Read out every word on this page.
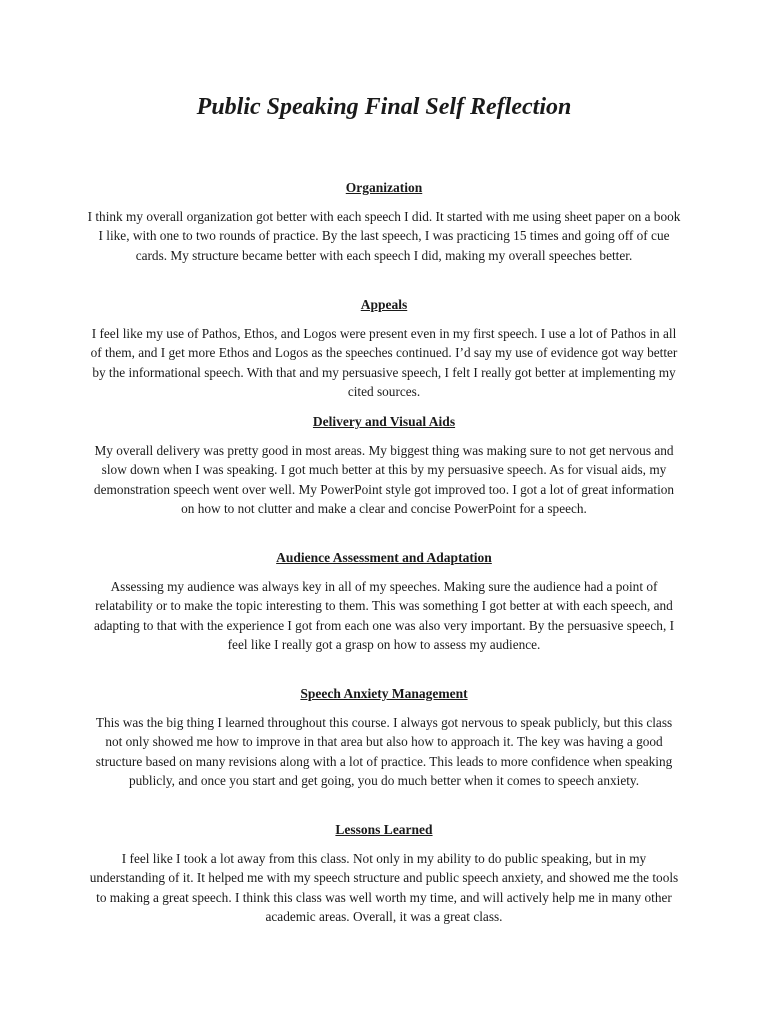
Public Speaking Final Self Reflection

Organization

I think my overall organization got better with each speech I did. It started with me using sheet paper on a book I like, with one to two rounds of practice. By the last speech, I was practicing 15 times and going off of cue cards. My structure became better with each speech I did, making my overall speeches better.

Appeals

I feel like my use of Pathos, Ethos, and Logos were present even in my first speech. I use a lot of Pathos in all of them, and I get more Ethos and Logos as the speeches continued. I’d say my use of evidence got way better by the informational speech. With that and my persuasive speech, I felt I really got better at implementing my cited sources.

Delivery and Visual Aids

My overall delivery was pretty good in most areas. My biggest thing was making sure to not get nervous and slow down when I was speaking. I got much better at this by my persuasive speech. As for visual aids, my demonstration speech went over well. My PowerPoint style got improved too. I got a lot of great information on how to not clutter and make a clear and concise PowerPoint for a speech.

Audience Assessment and Adaptation

Assessing my audience was always key in all of my speeches. Making sure the audience had a point of relatability or to make the topic interesting to them. This was something I got better at with each speech, and adapting to that with the experience I got from each one was also very important. By the persuasive speech, I feel like I really got a grasp on how to assess my audience.

Speech Anxiety Management

This was the big thing I learned throughout this course. I always got nervous to speak publicly, but this class not only showed me how to improve in that area but also how to approach it. The key was having a good structure based on many revisions along with a lot of practice. This leads to more confidence when speaking publicly, and once you start and get going, you do much better when it comes to speech anxiety.

Lessons Learned

I feel like I took a lot away from this class. Not only in my ability to do public speaking, but in my understanding of it. It helped me with my speech structure and public speech anxiety, and showed me the tools to making a great speech. I think this class was well worth my time, and will actively help me in many other academic areas. Overall, it was a great class.
